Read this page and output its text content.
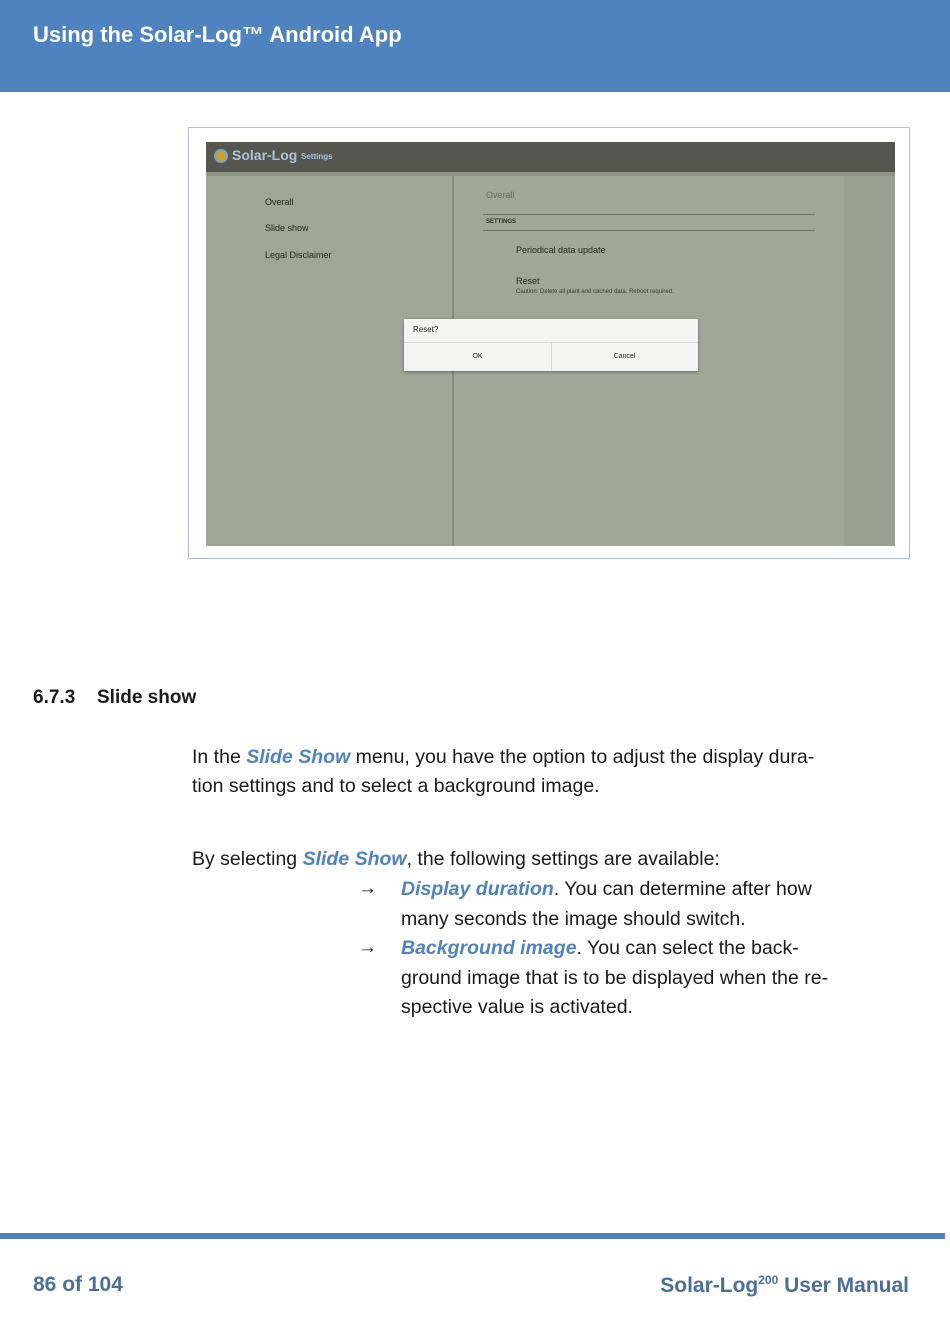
Using the Solar-Log™ Android App
Solar-Log Settings
Overall
Slide show
Legal Disclaimer
Overall
SETTINGS
Periodical data update
Reset
Caution: Delete all plant and cached data. Reboot required.
Reset?
OK	Cancel
6.7.3 Slide show

In the Slide Show menu, you have the option to adjust the display dura-
tion settings and to select a background image.

By selecting Slide Show, the following settings are available:

→ Display duration. You can determine after how
many seconds the image should switch.

→ Background image. You can select the back-
ground image that is to be displayed when the re-
spective value is activated.

86 of 104	Solar-Log$^{200}$ User Manual
